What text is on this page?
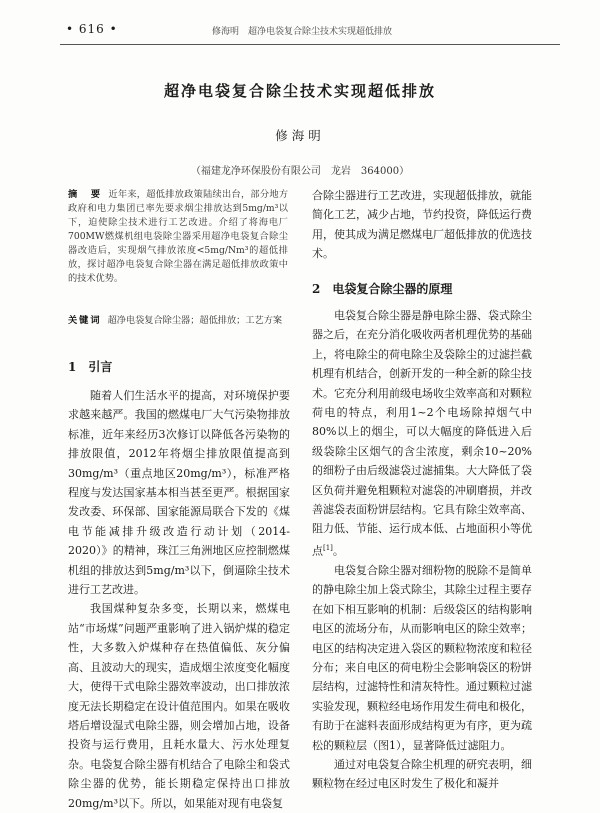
• 616 •	修海明　超净电袋复合除尘技术实现超低排放
超净电袋复合除尘技术实现超低排放
修海明
（福建龙净环保股份有限公司　龙岩　364000）
摘　要 近年来，超低排放政策陆续出台，部分地方政府和电力集团已率先要求烟尘排放达到5mg/m³以下，迫使除尘技术进行工艺改进。介绍了将海电厂700MW燃煤机组电袋除尘器采用超净电袋复合除尘器改造后，实现烟气排放浓度<5mg/Nm³的超低排放，探讨超净电袋复合除尘器在满足超低排放政策中的技术优势。
关键词 超净电袋复合除尘器；超低排放；工艺方案
1　引言

随着人们生活水平的提高，对环境保护要求越来越严。我国的燃煤电厂大气污染物排放标准，近年来经历3次修订以降低各污染物的排放限值，2012年将烟尘排放限值提高到30mg/m³（重点地区20mg/m³），标准严格程度与发达国家基本相当甚至更严。根据国家发改委、环保部、国家能源局联合下发的《煤电节能减排升级改造行动计划（2014-2020）》的精神，珠江三角洲地区应控制燃煤机组的排放达到5mg/m³以下，倒逼除尘技术进行工艺改进。

我国煤种复杂多变，长期以来，燃煤电站“市场煤”问题严重影响了进入锅炉煤的稳定性，大多数入炉煤种存在热值偏低、灰分偏高、且波动大的现实，造成烟尘浓度变化幅度大，使得干式电除尘器效率波动，出口排放浓度无法长期稳定在设计值范围内。如果在吸收塔后增设湿式电除尘器，则会增加占地，设备投资与运行费用，且耗水量大、污水处理复杂。电袋复合除尘器有机结合了电除尘和袋式除尘器的优势，能长期稳定保持出口排放20mg/m³以下。所以，如果能对现有电袋复

合除尘器进行工艺改进，实现超低排放，就能简化工艺，减少占地，节约投资，降低运行费用，使其成为满足燃煤电厂超低排放的优选技术。

2　电袋复合除尘器的原理

电袋复合除尘器是静电除尘器、袋式除尘器之后，在充分消化吸收两者机理优势的基础上，将电除尘的荷电除尘及袋除尘的过滤拦截机理有机结合，创新开发的一种全新的除尘技术。它充分利用前级电场收尘效率高和对颗粒荷电的特点，利用1~2个电场除掉烟气中80%以上的烟尘，可以大幅度的降低进入后级袋除尘区烟气的含尘浓度，剩余10~20%的细粉子由后级滤袋过滤捕集。大大降低了袋区负荷并避免粗颗粒对滤袋的冲刷磨损，并改善滤袋表面粉饼层结构。它具有除尘效率高、阻力低、节能、运行成本低、占地面积小等优点[1]。

电袋复合除尘器对细粉物的脱除不是简单的静电除尘加上袋式除尘，其除尘过程主要存在如下相互影响的机制：后级袋区的结构影响电区的流场分布，从而影响电区的除尘效率；电区的结构决定进入袋区的颗粒物浓度和粒径分布；来自电区的荷电粉尘会影响袋区的粉饼层结构，过滤特性和清灰特性。通过颗粒过滤实验发现，颗粒经电场作用发生荷电和极化，有助于在滤料表面形成结构更为有序，更为疏松的颗粒层（图1），显著降低过滤阻力。

通过对电袋复合除尘机理的研究表明，细颗粒物在经过电区时发生了极化和凝并
